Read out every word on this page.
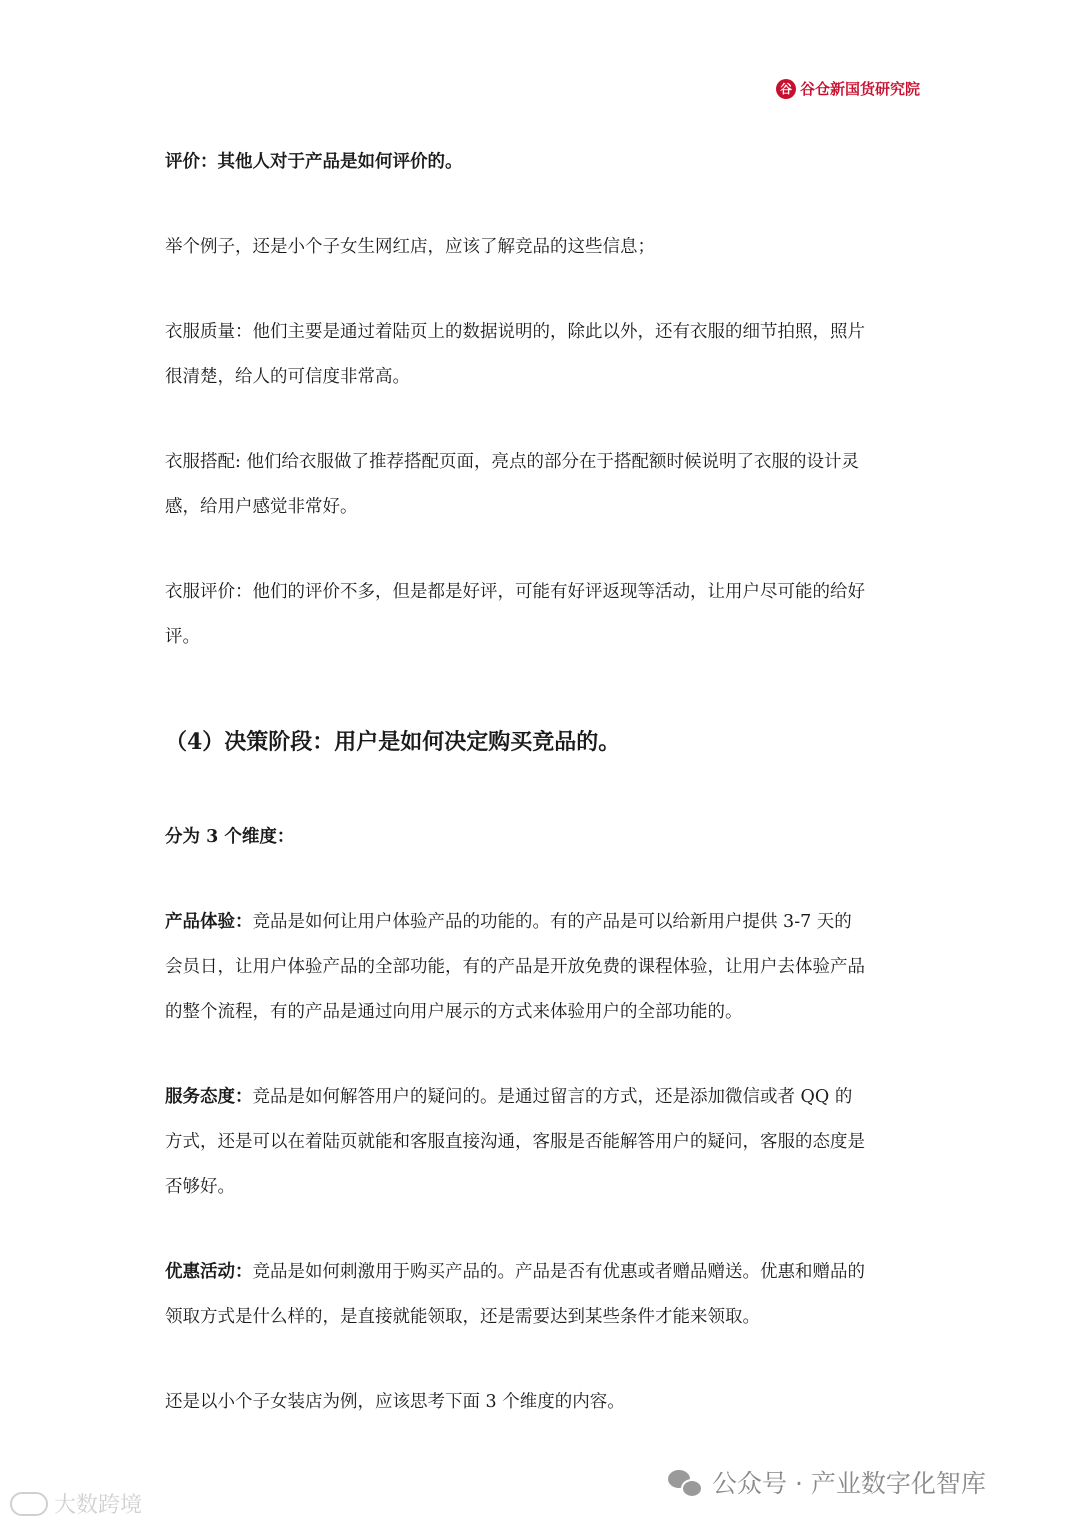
谷 谷仓新国货研究院

评价：其他人对于产品是如何评价的。

举个例子，还是小个子女生网红店，应该了解竞品的这些信息；

衣服质量：他们主要是通过着陆页上的数据说明的，除此以外，还有衣服的细节拍照，照片

很清楚，给人的可信度非常高。

衣服搭配: 他们给衣服做了推荐搭配页面，亮点的部分在于搭配额时候说明了衣服的设计灵

感，给用户感觉非常好。

衣服评价：他们的评价不多，但是都是好评，可能有好评返现等活动，让用户尽可能的给好

评。

（4）决策阶段：用户是如何决定购买竞品的。

分为 3 个维度：

产品体验：竞品是如何让用户体验产品的功能的。有的产品是可以给新用户提供 3-7 天的

会员日，让用户体验产品的全部功能，有的产品是开放免费的课程体验，让用户去体验产品

的整个流程，有的产品是通过向用户展示的方式来体验用户的全部功能的。

服务态度：竞品是如何解答用户的疑问的。是通过留言的方式，还是添加微信或者 QQ 的

方式，还是可以在着陆页就能和客服直接沟通，客服是否能解答用户的疑问，客服的态度是

否够好。

优惠活动：竞品是如何刺激用于购买产品的。产品是否有优惠或者赠品赠送。优惠和赠品的

领取方式是什么样的，是直接就能领取，还是需要达到某些条件才能来领取。

还是以小个子女装店为例，应该思考下面 3 个维度的内容。

公众号 · 产业数字化智库
大数跨境
